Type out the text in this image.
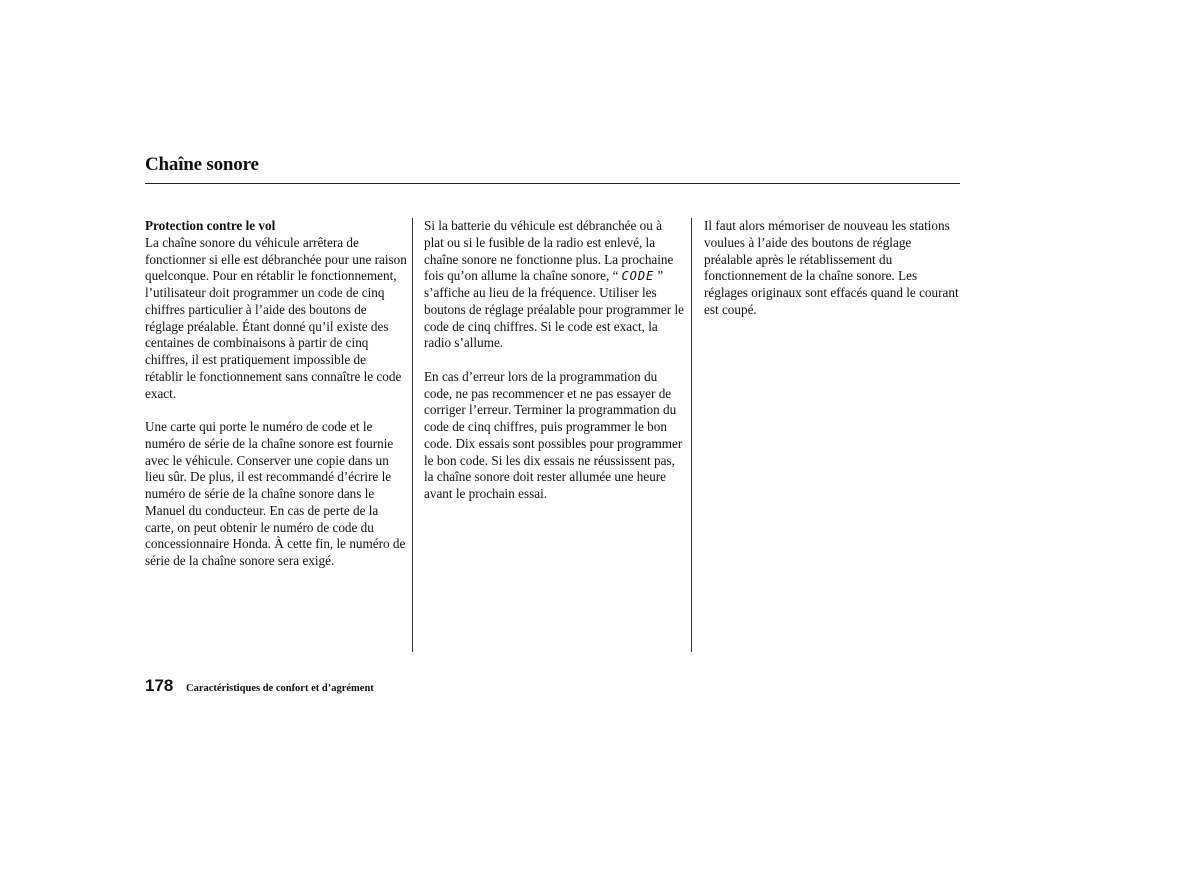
Chaîne sonore

Protection contre le vol
La chaîne sonore du véhicule arrêtera de fonctionner si elle est débranchée pour une raison quelconque. Pour en rétablir le fonctionnement, l’utilisateur doit programmer un code de cinq chiffres particulier à l’aide des boutons de réglage préalable. Étant donné qu’il existe des centaines de combinaisons à partir de cinq chiffres, il est pratiquement impossible de rétablir le fonctionnement sans connaître le code exact.

Une carte qui porte le numéro de code et le numéro de série de la chaîne sonore est fournie avec le véhicule. Conserver une copie dans un lieu sûr. De plus, il est recommandé d’écrire le numéro de série de la chaîne sonore dans le Manuel du conducteur. En cas de perte de la carte, on peut obtenir le numéro de code du concessionnaire Honda. À cette fin, le numéro de série de la chaîne sonore sera exigé.

Si la batterie du véhicule est débranchée ou à plat ou si le fusible de la radio est enlevé, la chaîne sonore ne fonctionne plus. La prochaine fois qu’on allume la chaîne sonore, “ CODE ” s’affiche au lieu de la fréquence. Utiliser les boutons de réglage préalable pour programmer le code de cinq chiffres. Si le code est exact, la radio s’allume.

En cas d’erreur lors de la programmation du code, ne pas recommencer et ne pas essayer de corriger l’erreur. Terminer la programmation du code de cinq chiffres, puis programmer le bon code. Dix essais sont possibles pour programmer le bon code. Si les dix essais ne réussissent pas, la chaîne sonore doit rester allumée une heure avant le prochain essai.

Il faut alors mémoriser de nouveau les stations voulues à l’aide des boutons de réglage préalable après le rétablissement du fonctionnement de la chaîne sonore. Les réglages originaux sont effacés quand le courant est coupé.

178 Caractéristiques de confort et d’agrément
